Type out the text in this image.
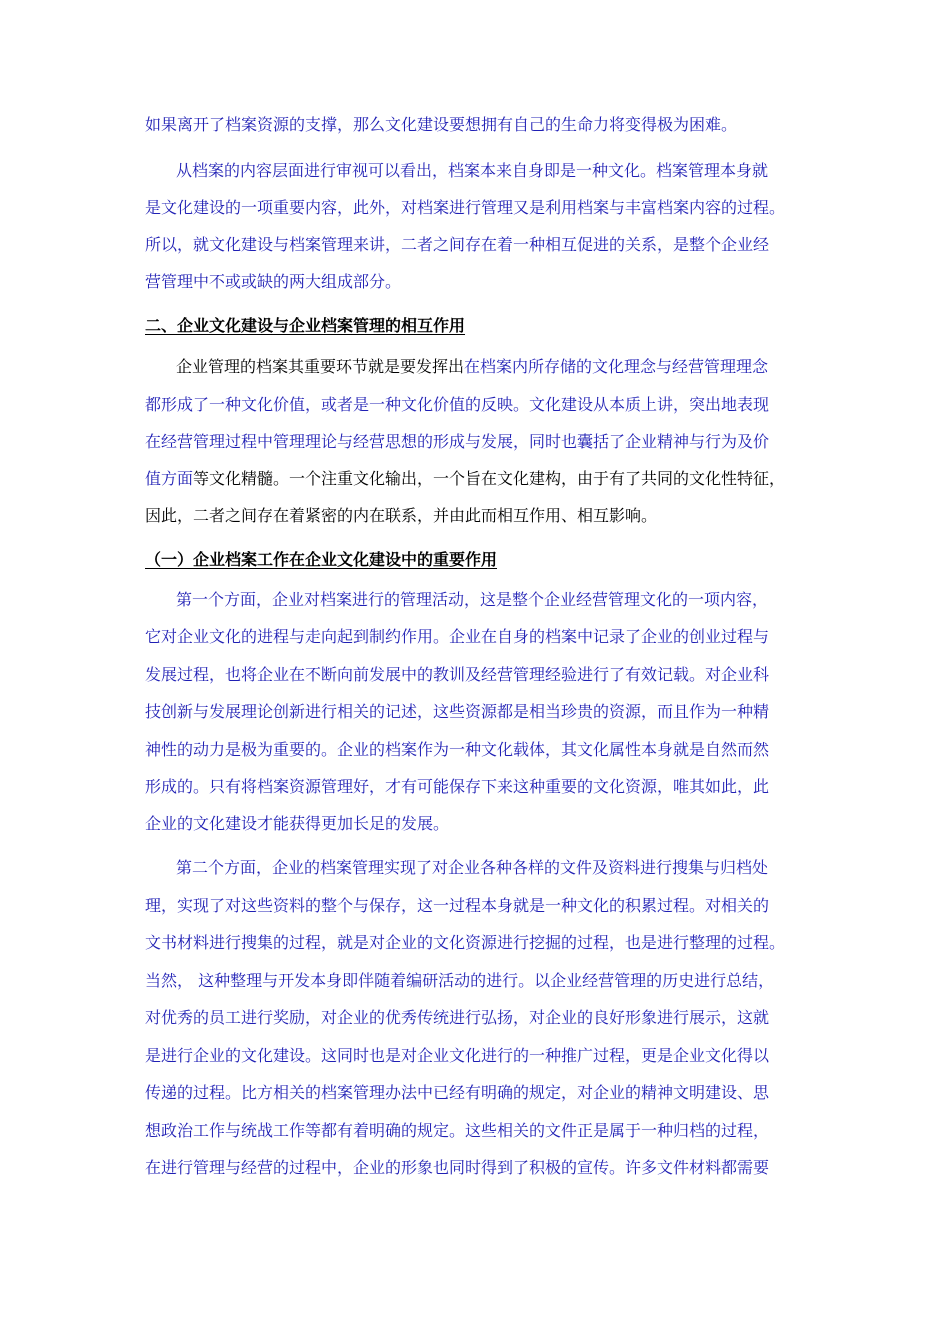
如果离开了档案资源的支撑，那么文化建设要想拥有自己的生命力将变得极为困难。
从档案的内容层面进行审视可以看出，档案本来自身即是一种文化。档案管理本身就
是文化建设的一项重要内容，此外，对档案进行管理又是利用档案与丰富档案内容的过程。
所以，就文化建设与档案管理来讲，二者之间存在着一种相互促进的关系，是整个企业经
营管理中不或或缺的两大组成部分。
二、企业文化建设与企业档案管理的相互作用
企业管理的档案其重要环节就是要发挥出在档案内所存储的文化理念与经营管理理念
都形成了一种文化价值，或者是一种文化价值的反映。文化建设从本质上讲，突出地表现
在经营管理过程中管理理论与经营思想的形成与发展，同时也囊括了企业精神与行为及价
值方面等文化精髓。一个注重文化输出，一个旨在文化建构，由于有了共同的文化性特征，
因此，二者之间存在着紧密的内在联系，并由此而相互作用、相互影响。
（一）企业档案工作在企业文化建设中的重要作用
第一个方面，企业对档案进行的管理活动，这是整个企业经营管理文化的一项内容，
它对企业文化的进程与走向起到制约作用。企业在自身的档案中记录了企业的创业过程与
发展过程，也将企业在不断向前发展中的教训及经营管理经验进行了有效记载。对企业科
技创新与发展理论创新进行相关的记述，这些资源都是相当珍贵的资源，而且作为一种精
神性的动力是极为重要的。企业的档案作为一种文化载体，其文化属性本身就是自然而然
形成的。只有将档案资源管理好，才有可能保存下来这种重要的文化资源，唯其如此，此
企业的文化建设才能获得更加长足的发展。
第二个方面，企业的档案管理实现了对企业各种各样的文件及资料进行搜集与归档处
理，实现了对这些资料的整个与保存，这一过程本身就是一种文化的积累过程。对相关的
文书材料进行搜集的过程，就是对企业的文化资源进行挖掘的过程，也是进行整理的过程。
当然， 这种整理与开发本身即伴随着编研活动的进行。以企业经营管理的历史进行总结，
对优秀的员工进行奖励，对企业的优秀传统进行弘扬，对企业的良好形象进行展示，这就
是进行企业的文化建设。这同时也是对企业文化进行的一种推广过程，更是企业文化得以
传递的过程。比方相关的档案管理办法中已经有明确的规定，对企业的精神文明建设、思
想政治工作与统战工作等都有着明确的规定。这些相关的文件正是属于一种归档的过程，
在进行管理与经营的过程中，企业的形象也同时得到了积极的宣传。许多文件材料都需要
